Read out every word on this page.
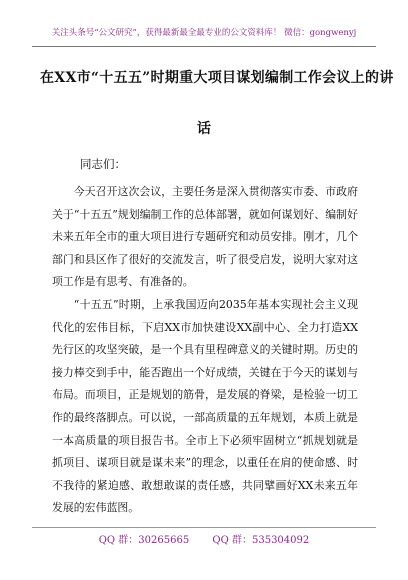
关注头条号“公文研究”，获得最新最全最专业的公文资料库！ 微信：gongwenyj
在XX市“十五五”时期重大项目谋划编制工作会议上的讲
话
同志们：

今天召开这次会议，主要任务是深入贯彻落实市委、市政府关于“十五五”规划编制工作的总体部署，就如何谋划好、编制好未来五年全市的重大项目进行专题研究和动员安排。刚才，几个部门和县区作了很好的交流发言，听了很受启发，说明大家对这项工作是有思考、有准备的。

“十五五”时期，上承我国迈向2035年基本实现社会主义现代化的宏伟目标，下启XX市加快建设XX副中心、全力打造XX先行区的攻坚突破，是一个具有里程碑意义的关键时期。历史的接力棒交到手中，能否跑出一个好成绩，关键在于今天的谋划与布局。而项目，正是规划的筋骨，是发展的脊梁，是检验一切工作的最终落脚点。可以说，一部高质量的五年规划，本质上就是一本高质量的项目报告书。全市上下必须牢固树立“抓规划就是抓项目、谋项目就是谋未来”的理念，以重任在肩的使命感、时不我待的紧迫感、敢想敢谋的责任感，共同擘画好XX未来五年发展的宏伟蓝图。

QQ 群：30265665 QQ 群：535304092
